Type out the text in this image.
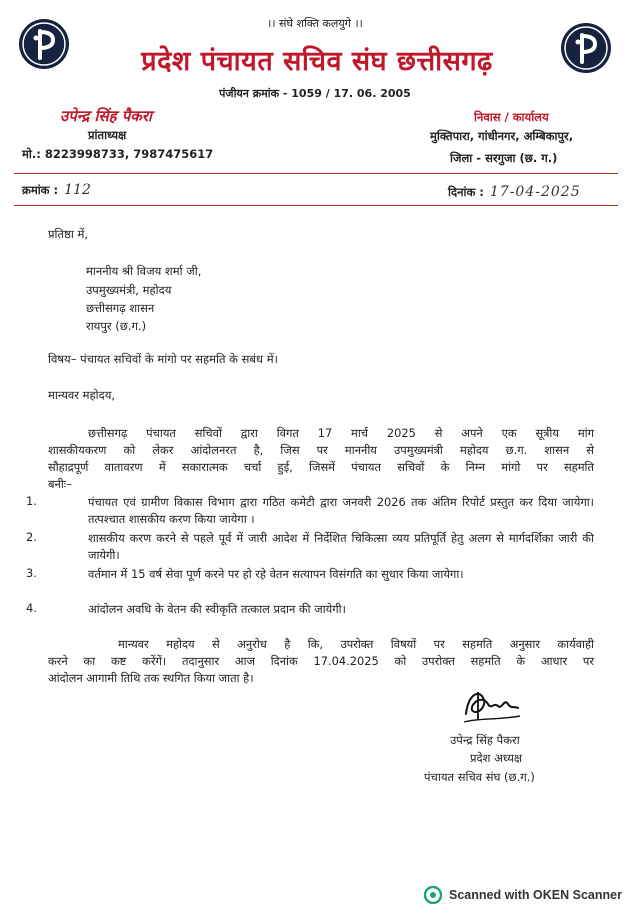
।। संघे शक्ति कलयुगे ।।
प्रदेश पंचायत सचिव संघ छत्तीसगढ़
पंजीयन क्रमांक - 1059 / 17. 06. 2005
उपेन्द्र सिंह पैकरा
प्रांताध्यक्ष
मो.: 8223998733, 7987475617
निवास / कार्यालय
मुक्तिपारा, गांधीनगर, अम्बिकापुर,
जिला - सरगुजा (छ. ग.)
क्रमांक : 112	दिनांक : 17-04-2025
प्रतिष्ठा में,
माननीय श्री विजय शर्मा जी,
उपमुख्यमंत्री, महोदय
छत्तीसगढ़ शासन
रायपुर (छ.ग.)
विषय– पंचायत सचिवों के मांगो पर सहमति के सबंध में।
मान्यवर महोदय,
छत्तीसगढ़ पंचायत सचिवों द्वारा विगत 17 मार्च 2025 से अपने एक सूत्रीय मांग
शासकीयकरण को लेकर आंदोलनरत है, जिस पर माननीय उपमुख्यमंत्री महोदय छ.ग. शासन से
सौहाद्रपूर्ण वातावरण में सकारात्मक चर्चा हुई, जिसमें पंचायत सचिवों के निम्न मांगो पर सहमति
बनीः–
1.	पंचायत एवं ग्रामीण विकास विभाग द्वारा गठित कमेटी द्वारा जनवरी 2026 तक अंतिम रिपोर्ट प्रस्तुत कर दिया जायेगा। तत्पश्चात शासकीय करण किया जायेगा ।
2.	शासकीय करण करने से पहले पूर्व में जारी आदेश में निर्देशित चिकित्सा व्यय प्रतिपूर्ति हेतु अलग से मार्गदर्शिका जारी की जायेगी।
3.	वर्तमान में 15 वर्ष सेवा पूर्ण करने पर हो रहे वेतन सत्यापन विसंगति का सुधार किया जायेगा।
4.	आंदोलन अवधि के वेतन की स्वीकृति तत्काल प्रदान की जायेगी।
मान्यवर महोदय से अनुरोध है कि, उपरोक्त विषयों पर सहमति अनुसार कार्यवाही
करने का कष्ट करेंगें। तदानुसार आज दिनांक 17.04.2025 को उपरोक्त सहमति के आधार पर
आंदोलन आगामी तिथि तक स्थगित किया जाता है।
उपेन्द्र सिंह पैकरा
प्रदेश अध्यक्ष
पंचायत सचिव संघ (छ.ग.)
Scanned with OKEN Scanner
